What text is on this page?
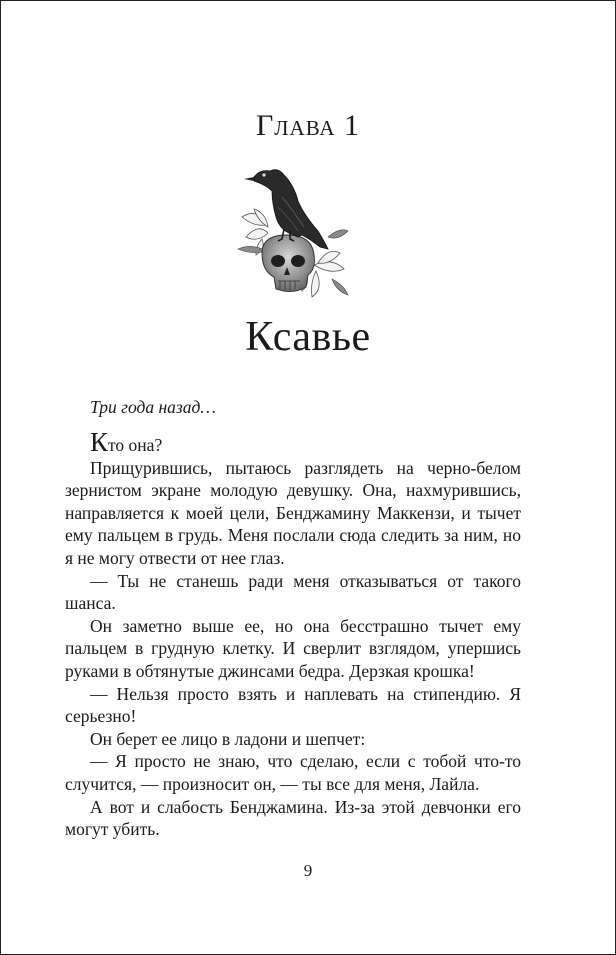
Глава 1
Ксавье
Три года назад…

Кто она?

Прищурившись, пытаюсь разглядеть на черно-белом зернистом экране молодую девушку. Она, нахмурившись, направляется к моей цели, Бенджамину Маккензи, и тычет ему пальцем в грудь. Меня послали сюда следить за ним, но я не могу отвести от нее глаз.

— Ты не станешь ради меня отказываться от такого шанса.

Он заметно выше ее, но она бесстрашно тычет ему пальцем в грудную клетку. И сверлит взглядом, упершись руками в обтянутые джинсами бедра. Дерзкая крошка!

— Нельзя просто взять и наплевать на стипендию. Я серьезно!

Он берет ее лицо в ладони и шепчет:

— Я просто не знаю, что сделаю, если с тобой что-то случится, — произносит он, — ты все для меня, Лайла.

А вот и слабость Бенджамина. Из-за этой девчонки его могут убить.

9
